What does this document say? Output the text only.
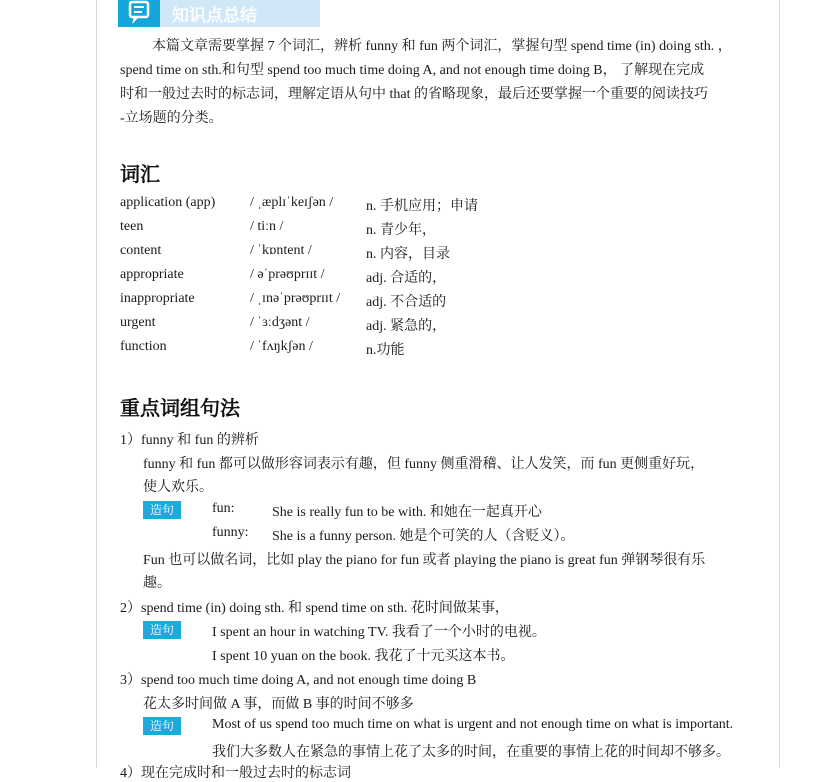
知识点总结
本篇文章需要掌握 7 个词汇，辨析 funny 和 fun 两个词汇，掌握句型 spend time (in) doing sth. ，
spend time on sth.和句型 spend too much time doing A, and not enough time doing B， 了解现在完成
时和一般过去时的标志词，理解定语从句中 that 的省略现象，最后还要掌握一个重要的阅读技巧
-立场题的分类。
词汇
application (app) / ˌæplɪˈkeɪʃən / n. 手机应用；申请
teen	/ tiːn /	n. 青少年，
content	/ ˈkɒntent /	n. 内容，目录
appropriate	/ əˈprəʊprɪɪt /	adj. 合适的，
inappropriate	/ ˌɪnəˈprəʊprɪɪt / adj. 不合适的
urgent	/ ˈɜːdʒənt /	adj. 紧急的，
function	/ ˈfʌŋkʃən /	n.功能
重点词组句法
1）funny 和 fun 的辨析
funny 和 fun 都可以做形容词表示有趣，但 funny 侧重滑稽、让人发笑，而 fun 更侧重好玩，
使人欢乐。
造句	fun:	She is really fun to be with. 和她在一起真开心
funny: She is a funny person. 她是个可笑的人（含贬义）。
Fun 也可以做名词，比如 play the piano for fun 或者 playing the piano is great fun 弹钢琴很有乐
趣。
2）spend time (in) doing sth. 和 spend time on sth. 花时间做某事，
造句	I spent an hour in watching TV. 我看了一个小时的电视。
I spent 10 yuan on the book. 我花了十元买这本书。
3）spend too much time doing A, and not enough time doing B
花太多时间做 A 事，而做 B 事的时间不够多
造句	Most of us spend too much time on what is urgent and not enough time on what is important.
我们大多数人在紧急的事情上花了太多的时间，在重要的事情上花的时间却不够多。
4）现在完成时和一般过去时的标志词
